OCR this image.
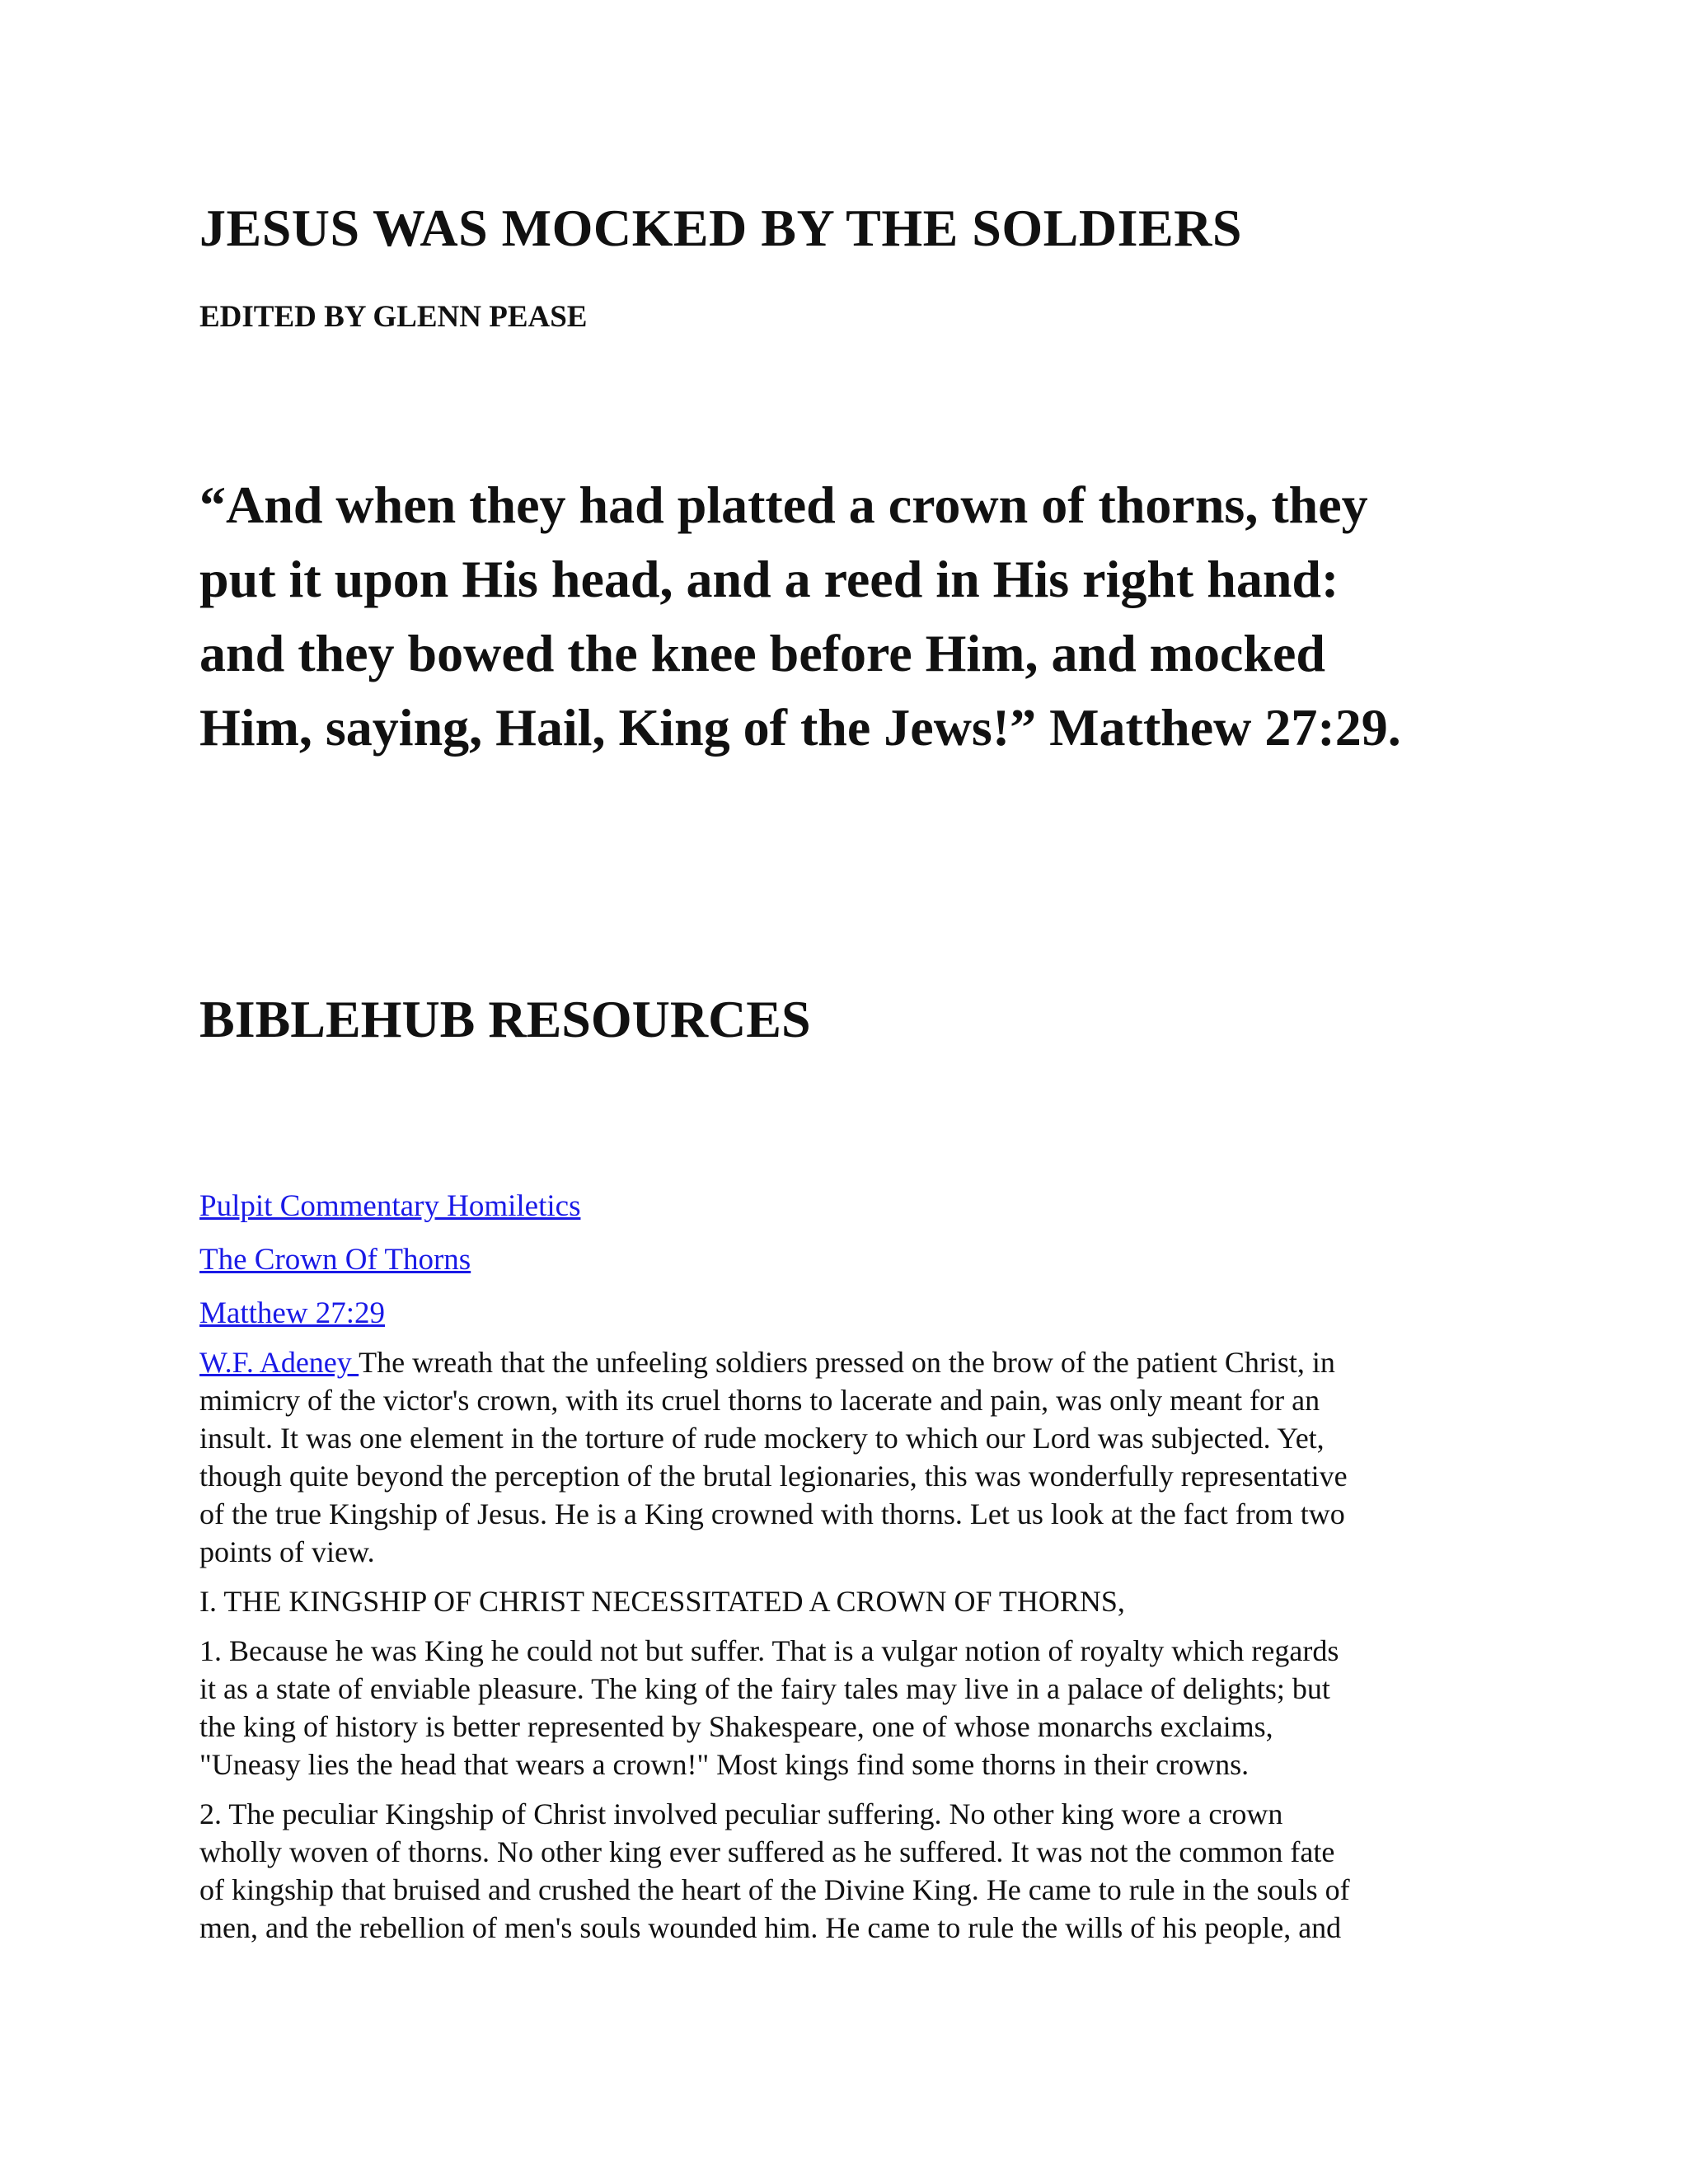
JESUS WAS MOCKED BY THE SOLDIERS
EDITED BY GLENN PEASE
“And when they had platted a crown of thorns, they
put it upon His head, and a reed in His right hand:
and they bowed the knee before Him, and mocked
Him, saying, Hail, King of the Jews!” Matthew 27:29.
BIBLEHUB RESOURCES
Pulpit Commentary Homiletics
The Crown Of Thorns
Matthew 27:29

W.F. Adeney The wreath that the unfeeling soldiers pressed on the brow of the patient Christ, in
mimicry of the victor's crown, with its cruel thorns to lacerate and pain, was only meant for an
insult. It was one element in the torture of rude mockery to which our Lord was subjected. Yet,
though quite beyond the perception of the brutal legionaries, this was wonderfully representative
of the true Kingship of Jesus. He is a King crowned with thorns. Let us look at the fact from two
points of view.

I. THE KINGSHIP OF CHRIST NECESSITATED A CROWN OF THORNS,

1. Because he was King he could not but suffer. That is a vulgar notion of royalty which regards
it as a state of enviable pleasure. The king of the fairy tales may live in a palace of delights; but
the king of history is better represented by Shakespeare, one of whose monarchs exclaims,
"Uneasy lies the head that wears a crown!" Most kings find some thorns in their crowns.

2. The peculiar Kingship of Christ involved peculiar suffering. No other king wore a crown
wholly woven of thorns. No other king ever suffered as he suffered. It was not the common fate
of kingship that bruised and crushed the heart of the Divine King. He came to rule in the souls of
men, and the rebellion of men's souls wounded him. He came to rule the wills of his people, and
